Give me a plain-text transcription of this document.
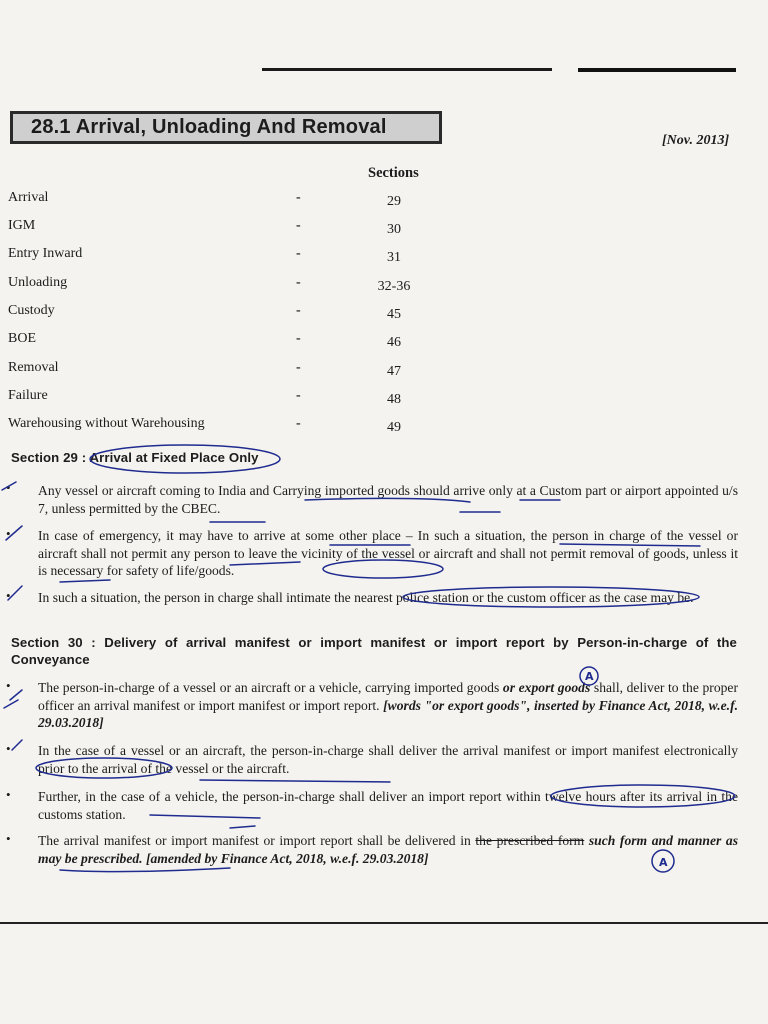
28.1 Arrival, Unloading And Removal
[Nov. 2013]
Sections
Arrival	-	29
IGM	-	30
Entry Inward	-	31
Unloading	-	32-36
Custody	-	45
BOE	-	46
Removal	-	47
Failure	-	48
Warehousing without Warehousing	-	49
Section 29 : Arrival at Fixed Place Only
• Any vessel or aircraft coming to India and Carrying imported goods should arrive only at a Custom part or airport appointed u/s 7, unless permitted by the CBEC.
• In case of emergency, it may have to arrive at some other place – In such a situation, the person in charge of the vessel or aircraft shall not permit any person to leave the vicinity of the vessel or aircraft and shall not permit removal of goods, unless it is necessary for safety of life/goods.
• In such a situation, the person in charge shall intimate the nearest police station or the custom officer as the case may be.
Section 30 : Delivery of arrival manifest or import manifest or import report by Person-in-charge of the Conveyance
• The person-in-charge of a vessel or an aircraft or a vehicle, carrying imported goods or export goods shall, deliver to the proper officer an arrival manifest or import manifest or import report. [words "or export goods", inserted by Finance Act, 2018, w.e.f. 29.03.2018]
• In the case of a vessel or an aircraft, the person-in-charge shall deliver the arrival manifest or import manifest electronically prior to the arrival of the vessel or the aircraft.
• Further, in the case of a vehicle, the person-in-charge shall deliver an import report within twelve hours after its arrival in the customs station.
• The arrival manifest or import manifest or import report shall be delivered in the prescribed form such form and manner as may be prescribed. [amended by Finance Act, 2018, w.e.f. 29.03.2018]
A
A
